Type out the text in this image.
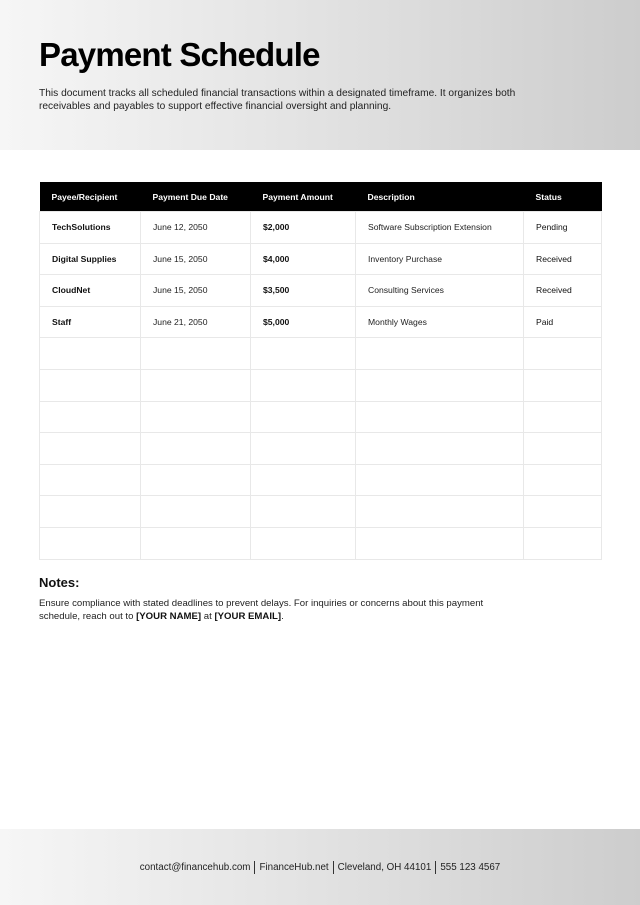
Payment Schedule
This document tracks all scheduled financial transactions within a designated timeframe. It organizes both receivables and payables to support effective financial oversight and planning.
Payee/Recipient	Payment Due Date	Payment Amount	Description	Status
TechSolutions	June 12, 2050	$2,000	Software Subscription Extension	Pending
Digital Supplies	June 15, 2050	$4,000	Inventory Purchase	Received
CloudNet	June 15, 2050	$3,500	Consulting Services	Received
Staff	June 21, 2050	$5,000	Monthly Wages	Paid

Notes:
Ensure compliance with stated deadlines to prevent delays. For inquiries or concerns about this payment schedule, reach out to [YOUR NAME] at [YOUR EMAIL].
contact@financehub.com FinanceHub.net Cleveland, OH 44101 555 123 4567
